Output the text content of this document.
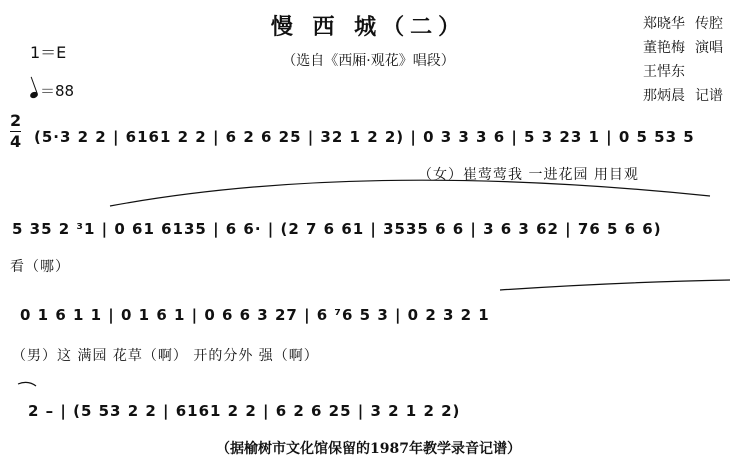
慢 西 城（二）
（选自《西厢·观花》唱段）
1＝E
＝88
郑晓华 传腔
董艳梅 演唱
王悍东
那炳晨 记谱
2
4 (5·3 2 2 | 6161 2 2 | 6 2 6 25 | 32 1 2 2) | 0 3 3 3 6 | 5 3 23 1 | 0 5 53 5
（女）崔莺莺我 一进花园 用目观
5 35 2 ³1 | 0 61 6135 | 6 6· | (2 7 6 61 | 3535 6 6 | 3 6 3 62 | 76 5 6 6)
看（哪）
0 1 6 1 1 | 0 1 6 1 | 0 6 6 3 27 | 6 ⁷6 5 3 | 0 2 3 2 1
（男）这 满园 花草（啊） 开的分外 强（啊）
2 – | (5 53 2 2 | 6161 2 2 | 6 2 6 25 | 3 2 1 2 2)
（据榆树市文化馆保留的1987年教学录音记谱）
